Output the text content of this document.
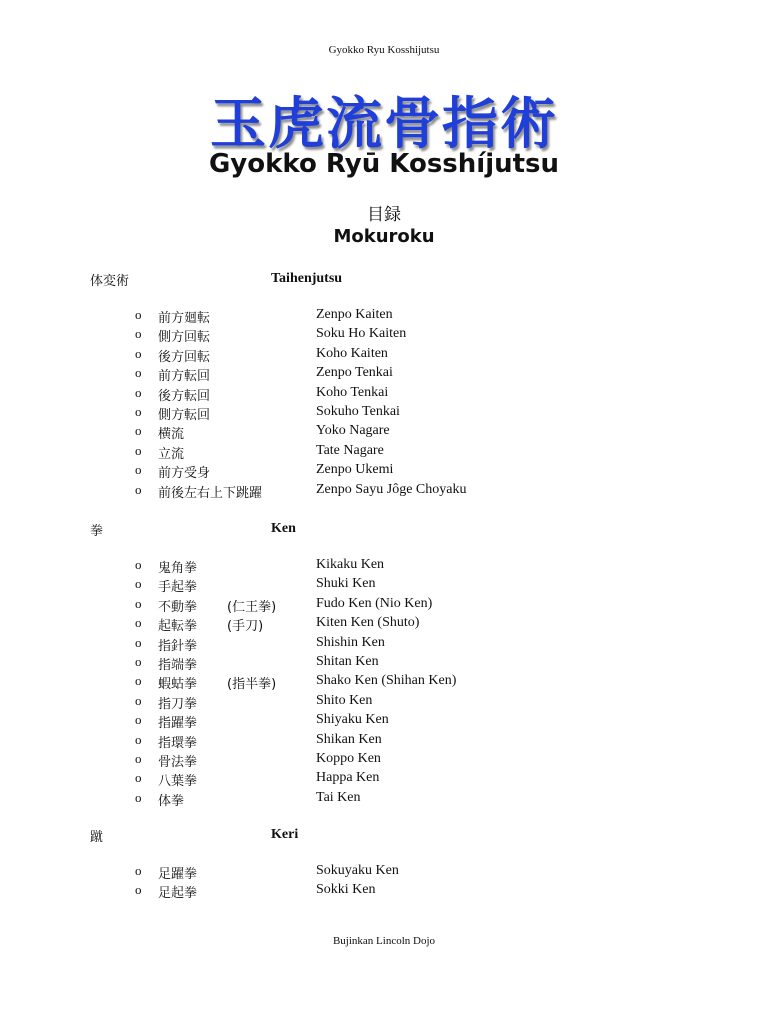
Gyokko Ryu Kosshijutsu
玉虎流骨指術
Gyokko Ryū Kosshíjutsu
目録
Mokuroku
体変術	Taihenjutsu
o 前方廻転	Zenpo Kaiten
o 側方回転	Soku Ho Kaiten
o 後方回転	Koho Kaiten
o 前方転回	Zenpo Tenkai
o 後方転回	Koho Tenkai
o 側方転回	Sokuho Tenkai
o 横流	Yoko Nagare
o 立流	Tate Nagare
o 前方受身	Zenpo Ukemi
o 前後左右上下跳躍	Zenpo Sayu Jôge Choyaku
拳	Ken
o 鬼角拳	Kikaku Ken
o 手起拳	Shuki Ken
o 不動拳 (仁王拳)	Fudo Ken (Nio Ken)
o 起転拳 (手刀)	Kiten Ken (Shuto)
o 指針拳	Shishin Ken
o 指端拳	Shitan Ken
o 蝦蛄拳 (指半拳)	Shako Ken (Shihan Ken)
o 指刀拳	Shito Ken
o 指躍拳	Shiyaku Ken
o 指環拳	Shikan Ken
o 骨法拳	Koppo Ken
o 八葉拳	Happa Ken
o 体拳	Tai Ken
蹴	Keri
o 足躍拳	Sokuyaku Ken
o 足起拳	Sokki Ken
Bujinkan Lincoln Dojo
